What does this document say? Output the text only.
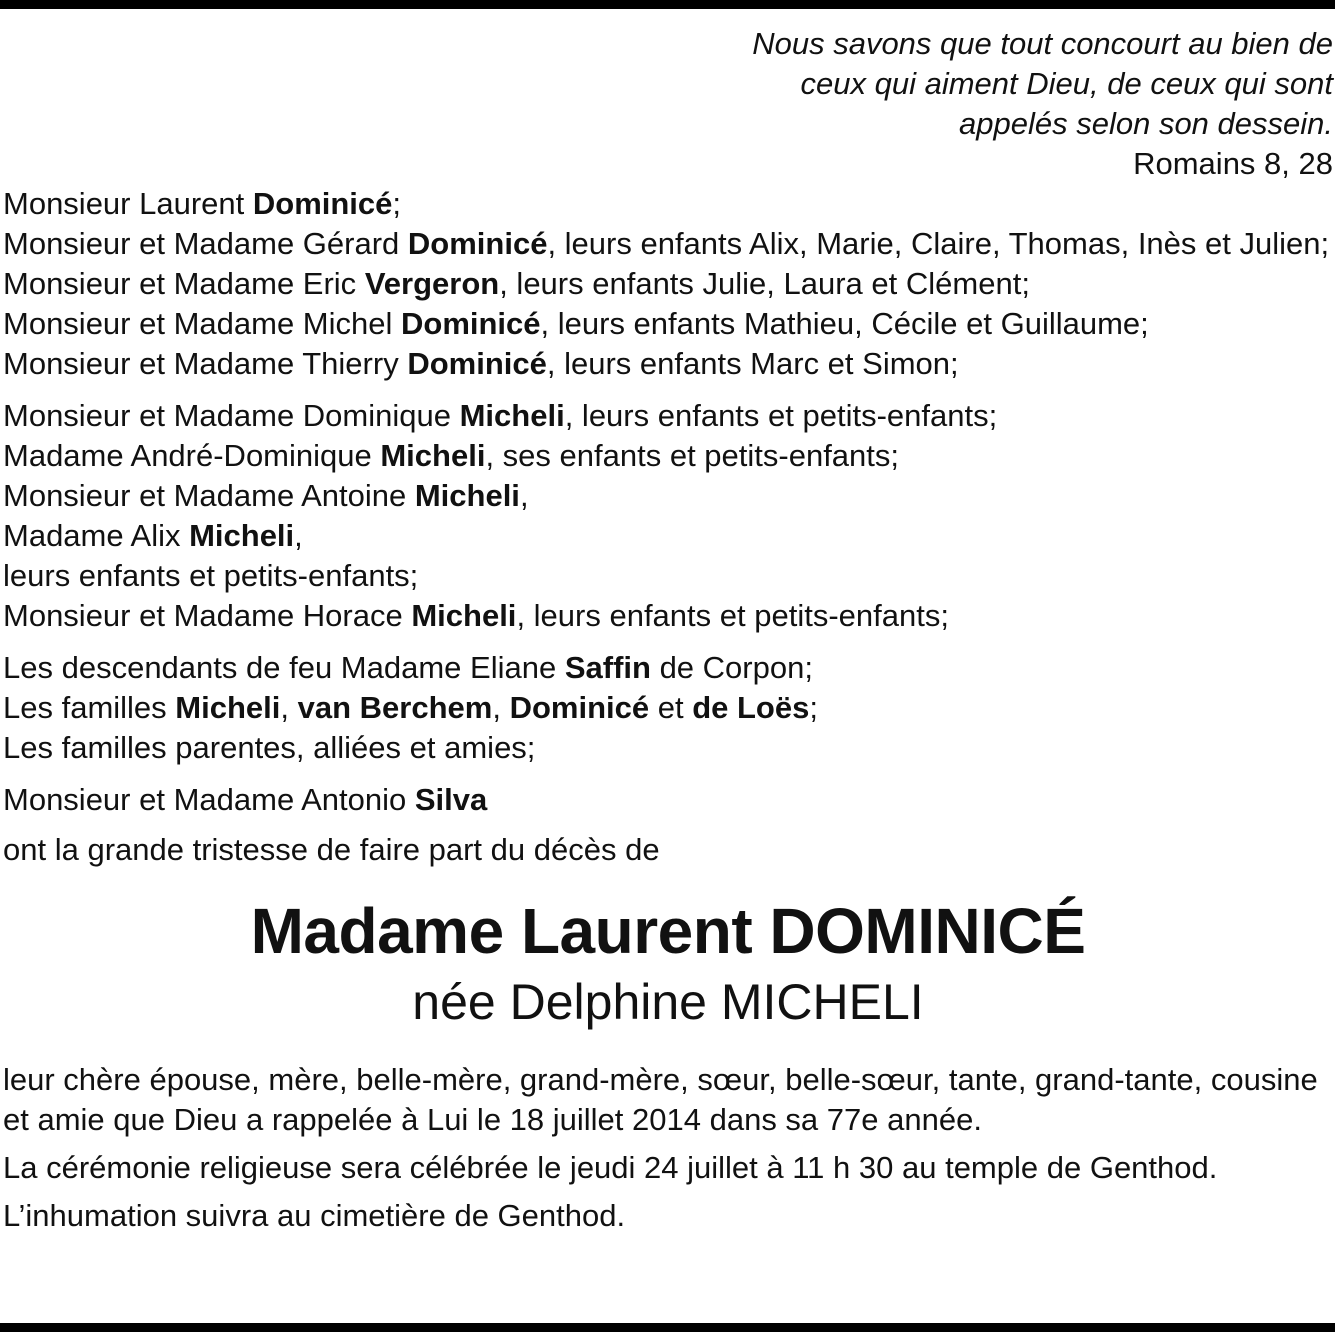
Nous savons que tout concourt au bien de
ceux qui aiment Dieu, de ceux qui sont
appelés selon son dessein.
Romains 8, 28
Monsieur Laurent Dominicé;
Monsieur et Madame Gérard Dominicé, leurs enfants Alix, Marie, Claire, Thomas, Inès et Julien;
Monsieur et Madame Eric Vergeron, leurs enfants Julie, Laura et Clément;
Monsieur et Madame Michel Dominicé, leurs enfants Mathieu, Cécile et Guillaume;
Monsieur et Madame Thierry Dominicé, leurs enfants Marc et Simon;
Monsieur et Madame Dominique Micheli, leurs enfants et petits-enfants;
Madame André-Dominique Micheli, ses enfants et petits-enfants;
Monsieur et Madame Antoine Micheli,
Madame Alix Micheli,
leurs enfants et petits-enfants;
Monsieur et Madame Horace Micheli, leurs enfants et petits-enfants;
Les descendants de feu Madame Eliane Saffin de Corpon;
Les familles Micheli, van Berchem, Dominicé et de Loës;
Les familles parentes, alliées et amies;
Monsieur et Madame Antonio Silva
ont la grande tristesse de faire part du décès de
Madame Laurent DOMINICÉ
née Delphine MICHELI

leur chère épouse, mère, belle-mère, grand-mère, sœur, belle-sœur, tante, grand-tante, cousine et amie que Dieu a rappelée à Lui le 18 juillet 2014 dans sa 77e année.

La cérémonie religieuse sera célébrée le jeudi 24 juillet à 11 h 30 au temple de Genthod.

L’inhumation suivra au cimetière de Genthod.
